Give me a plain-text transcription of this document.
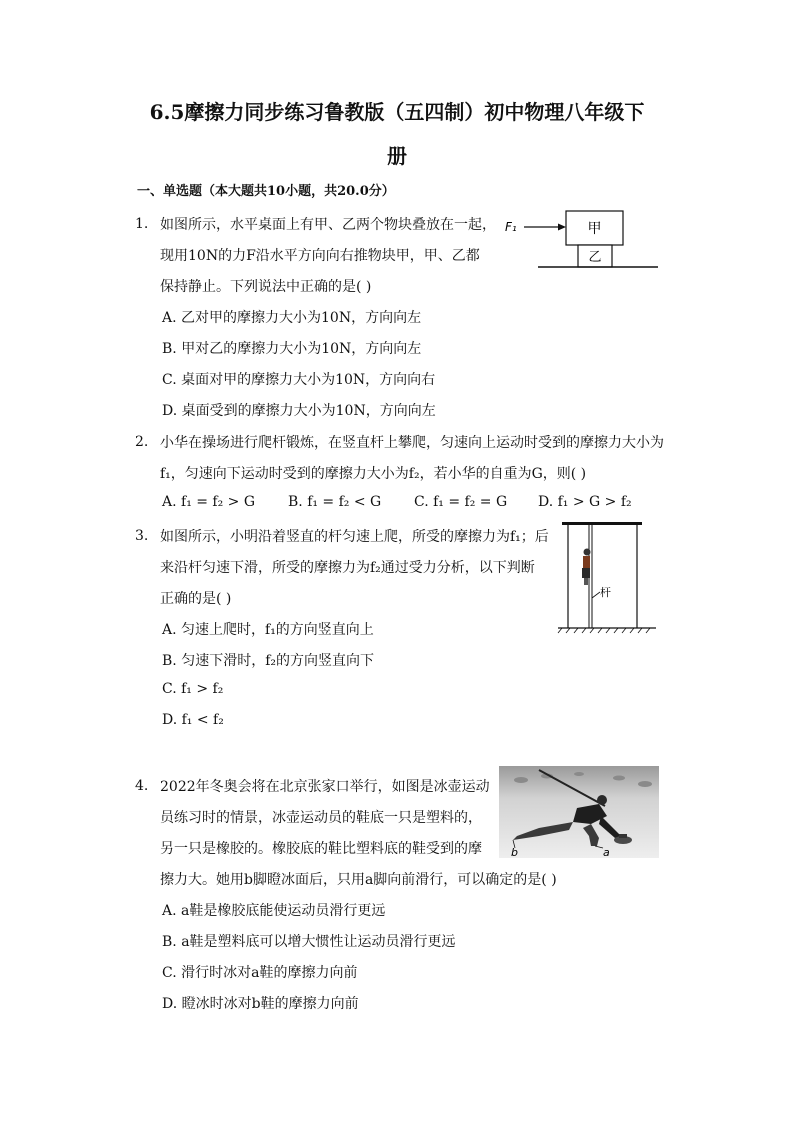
6.5摩擦力同步练习鲁教版（五四制）初中物理八年级下
册
一、单选题（本大题共10小题，共20.0分）
1. 如图所示，水平桌面上有甲、乙两个物块叠放在一起，
现用10N的力F沿水平方向向右推物块甲，甲、乙都
保持静止。下列说法中正确的是( )
A. 乙对甲的摩擦力大小为10N，方向向左
B. 甲对乙的摩擦力大小为10N，方向向左
C. 桌面对甲的摩擦力大小为10N，方向向右
D. 桌面受到的摩擦力大小为10N，方向向左
F₁	甲
乙
2. 小华在操场进行爬杆锻炼，在竖直杆上攀爬，匀速向上运动时受到的摩擦力大小为
f₁，匀速向下运动时受到的摩擦力大小为f₂，若小华的自重为G，则( )
A. f₁ = f₂ > G B. f₁ = f₂ < G C. f₁ = f₂ = G D. f₁ > G > f₂
3. 如图所示，小明沿着竖直的杆匀速上爬，所受的摩擦力为f₁；后
来沿杆匀速下滑，所受的摩擦力为f₂通过受力分析，以下判断
正确的是( )
A. 匀速上爬时，f₁的方向竖直向上
B. 匀速下滑时，f₂的方向竖直向下
C. f₁ > f₂
D. f₁ < f₂
杆
4. 2022年冬奥会将在北京张家口举行，如图是冰壶运动
员练习时的情景，冰壶运动员的鞋底一只是塑料的，
另一只是橡胶的。橡胶底的鞋比塑料底的鞋受到的摩
擦力大。她用b脚瞪冰面后，只用a脚向前滑行，可以确定的是( )
A. a鞋是橡胶底能使运动员滑行更远
B. a鞋是塑料底可以增大惯性让运动员滑行更远
C. 滑行时冰对a鞋的摩擦力向前
D. 瞪冰时冰对b鞋的摩擦力向前
b	a
